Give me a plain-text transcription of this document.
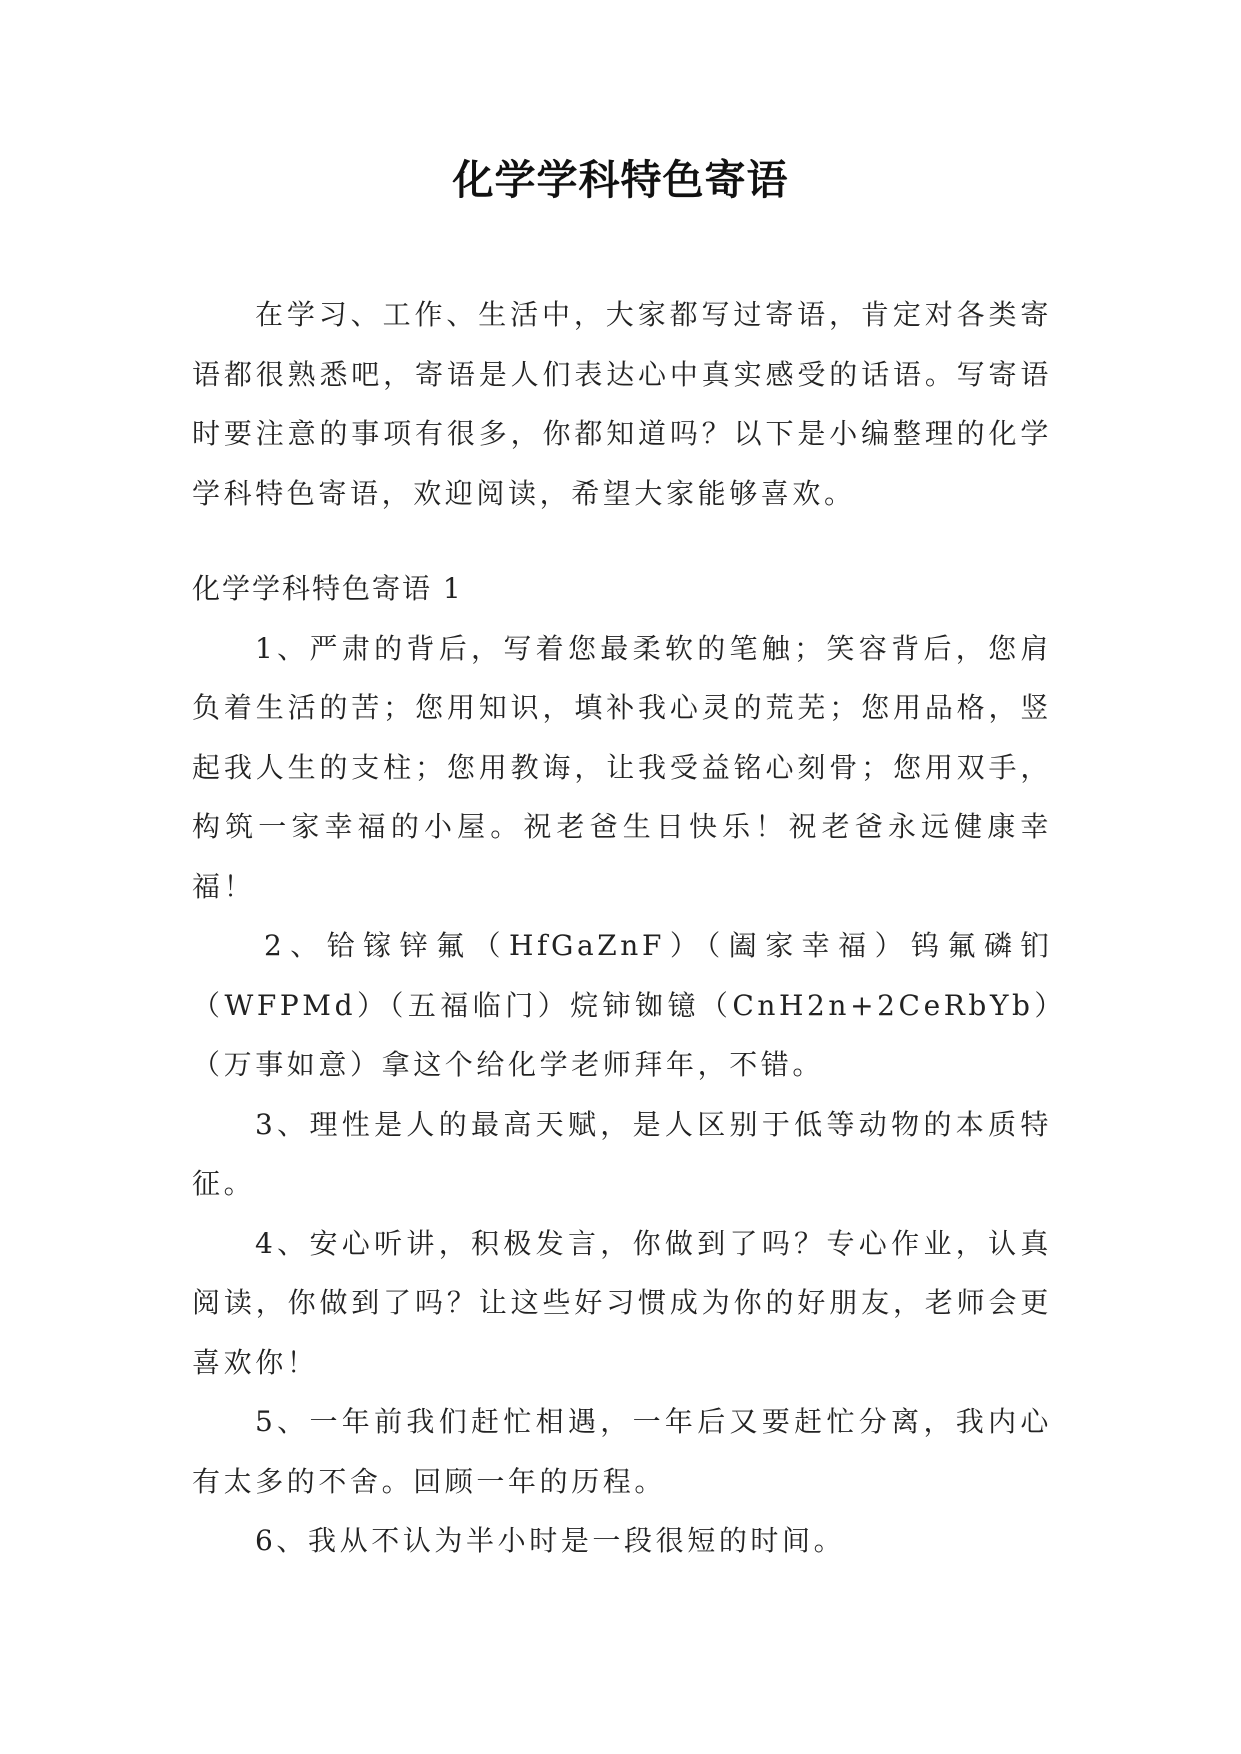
化学学科特色寄语

在学习、工作、生活中，大家都写过寄语，肯定对各类寄语都很熟悉吧，寄语是人们表达心中真实感受的话语。写寄语时要注意的事项有很多，你都知道吗？以下是小编整理的化学学科特色寄语，欢迎阅读，希望大家能够喜欢。

化学学科特色寄语 1

1、严肃的背后，写着您最柔软的笔触；笑容背后，您肩负着生活的苦；您用知识，填补我心灵的荒芜；您用品格，竖起我人生的支柱；您用教诲，让我受益铭心刻骨；您用双手，构筑一家幸福的小屋。祝老爸生日快乐！祝老爸永远健康幸福！

2、铪镓锌氟（HfGaZnF）（阖家幸福）钨氟磷钔（WFPMd）（五福临门）烷铈铷镱（CnH2n+2CeRbYb）（万事如意）拿这个给化学老师拜年，不错。

3、理性是人的最高天赋，是人区别于低等动物的本质特征。

4、安心听讲，积极发言，你做到了吗？专心作业，认真阅读，你做到了吗？让这些好习惯成为你的好朋友，老师会更喜欢你！

5、一年前我们赶忙相遇，一年后又要赶忙分离，我内心有太多的不舍。回顾一年的历程。

6、我从不认为半小时是一段很短的时间。
